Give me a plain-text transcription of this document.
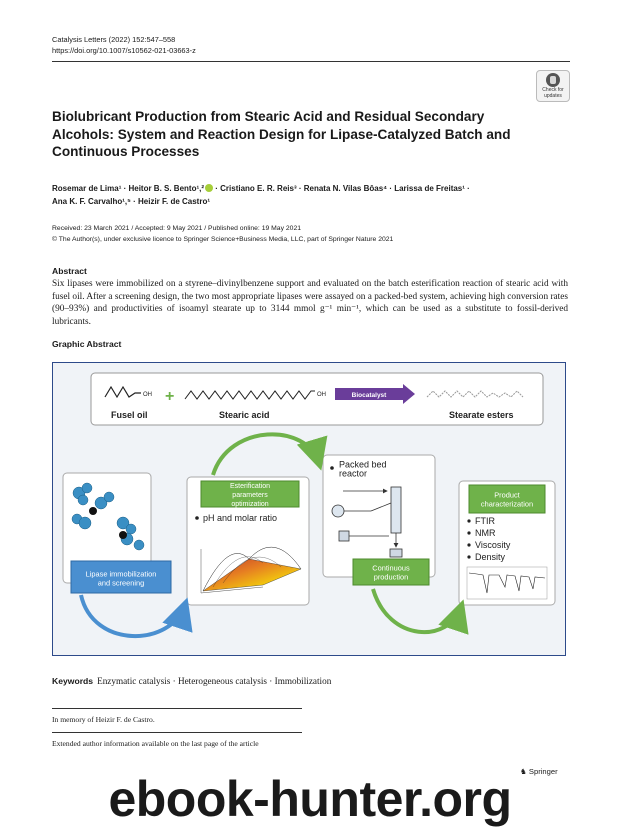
Catalysis Letters (2022) 152:547–558
https://doi.org/10.1007/s10562-021-03663-z
Check for updates
Biolubricant Production from Stearic Acid and Residual Secondary Alcohols: System and Reaction Design for Lipase-Catalyzed Batch and Continuous Processes
Rosemar de Lima¹ · Heitor B. S. Bento¹,² · Cristiano E. R. Reis³ · Renata N. Vilas Bôas⁴ · Larissa de Freitas¹ ·
Ana K. F. Carvalho¹,⁵ · Heizir F. de Castro¹
Received: 23 March 2021 / Accepted: 9 May 2021 / Published online: 19 May 2021
© The Author(s), under exclusive licence to Springer Science+Business Media, LLC, part of Springer Nature 2021
Abstract
Six lipases were immobilized on a styrene–divinylbenzene support and evaluated on the batch esterification reaction of stearic acid with fusel oil. After a screening design, the two most appropriate lipases were assayed on a packed-bed system, achieving high conversion rates (90–93%) and productivities of isoamyl stearate up to 3144 mmol g⁻¹ min⁻¹, which can be used as a substitute to fossil-derived lubricants.
Graphic Abstract
OH
Fusel oil
+	OH
Stearic acid
Biocatalyst
Stearate esters
Lipase immobilization and screening
Esterification parameters optimization
pH and molar ratio
Packed bed reactor
Continuous production
Product characterization
FTIR
NMR
Viscosity
Density
Keywords Enzymatic catalysis · Heterogeneous catalysis · Immobilization
In memory of Heizir F. de Castro.
Extended author information available on the last page of the article
♞ Springer
ebook-hunter.org
